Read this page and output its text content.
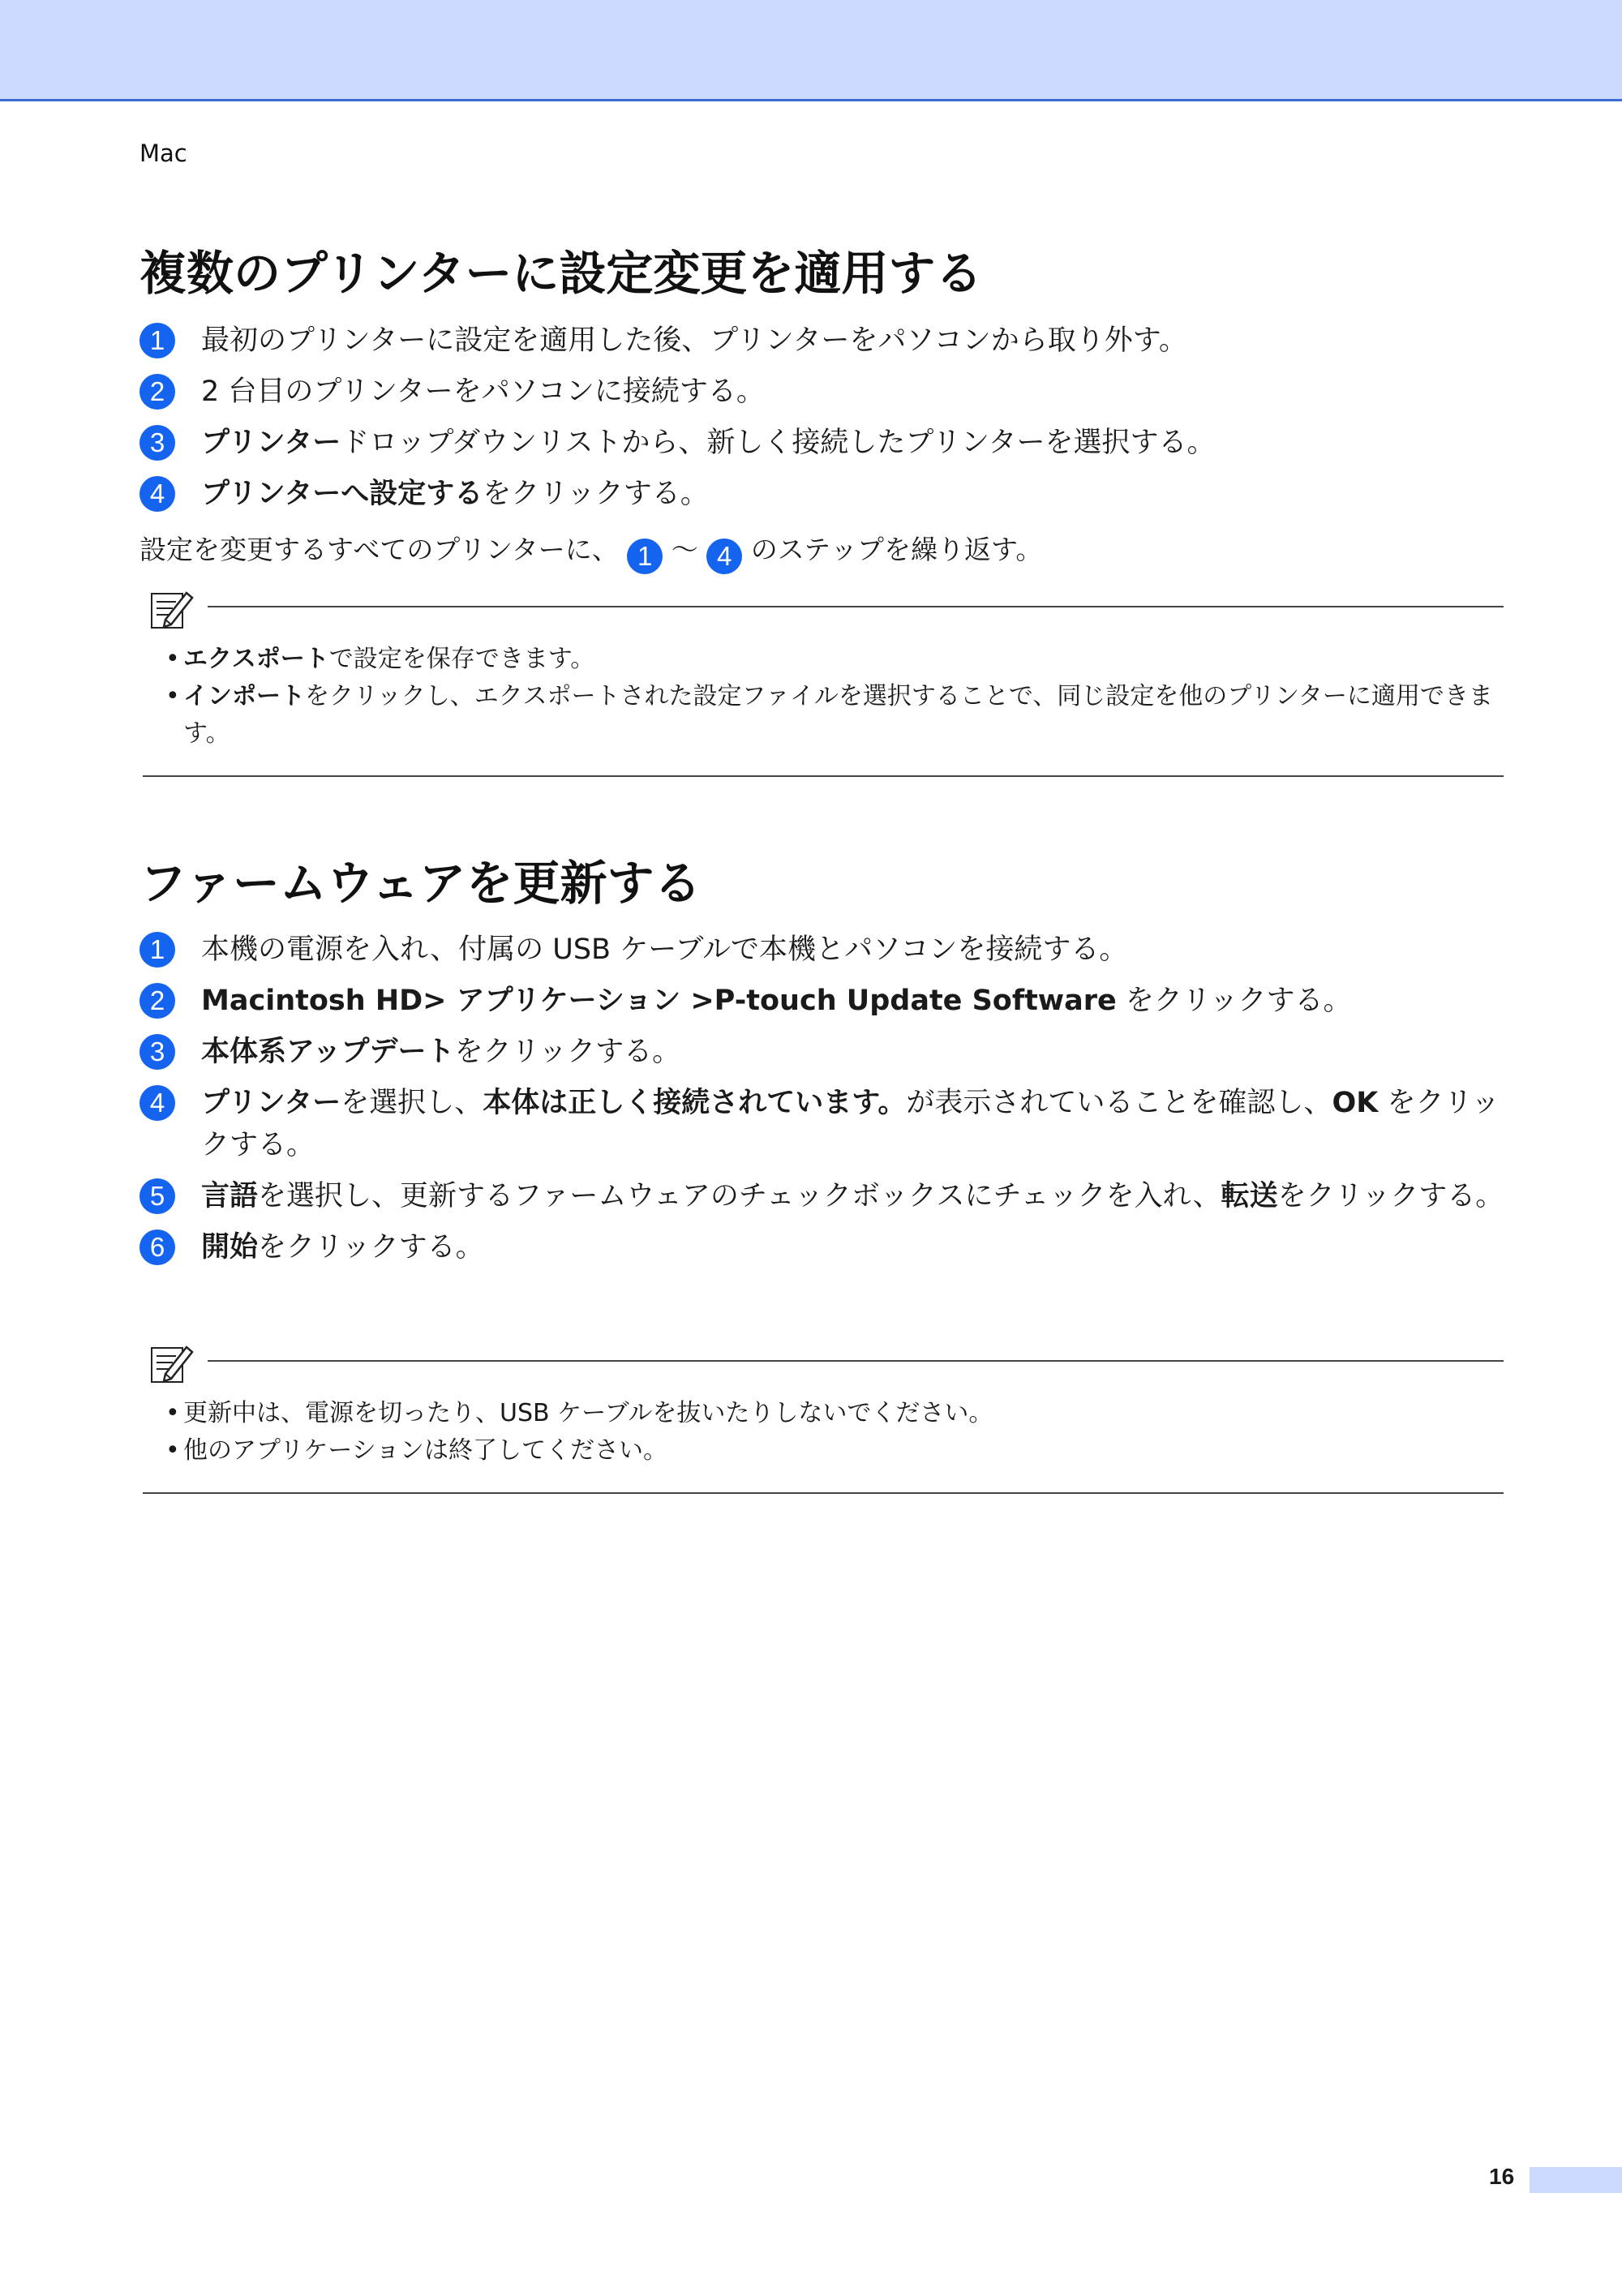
Mac
複数のプリンターに設定変更を適用する
1	最初のプリンターに設定を適用した後、プリンターをパソコンから取り外す。
2	2 台目のプリンターをパソコンに接続する。
3	プリンタードロップダウンリストから、新しく接続したプリンターを選択する。
4	プリンターへ設定するをクリックする。
設定を変更するすべてのプリンターに、 1 〜 4 のステップを繰り返す。
• エクスポートで設定を保存できます。
• インポートをクリックし、エクスポートされた設定ファイルを選択することで、同じ設定を他のプリンターに適用できます。
ファームウェアを更新する
1	本機の電源を入れ、付属の USB ケーブルで本機とパソコンを接続する。
2	Macintosh HD> アプリケーション >P-touch Update Software をクリックする。
3	本体系アップデートをクリックする。
4	プリンターを選択し、本体は正しく接続されています。が表示されていることを確認し、OK をクリックする。
5	言語を選択し、更新するファームウェアのチェックボックスにチェックを入れ、転送をクリックする。
6	開始をクリックする。
• 更新中は、電源を切ったり、USB ケーブルを抜いたりしないでください。
• 他のアプリケーションは終了してください。
16
